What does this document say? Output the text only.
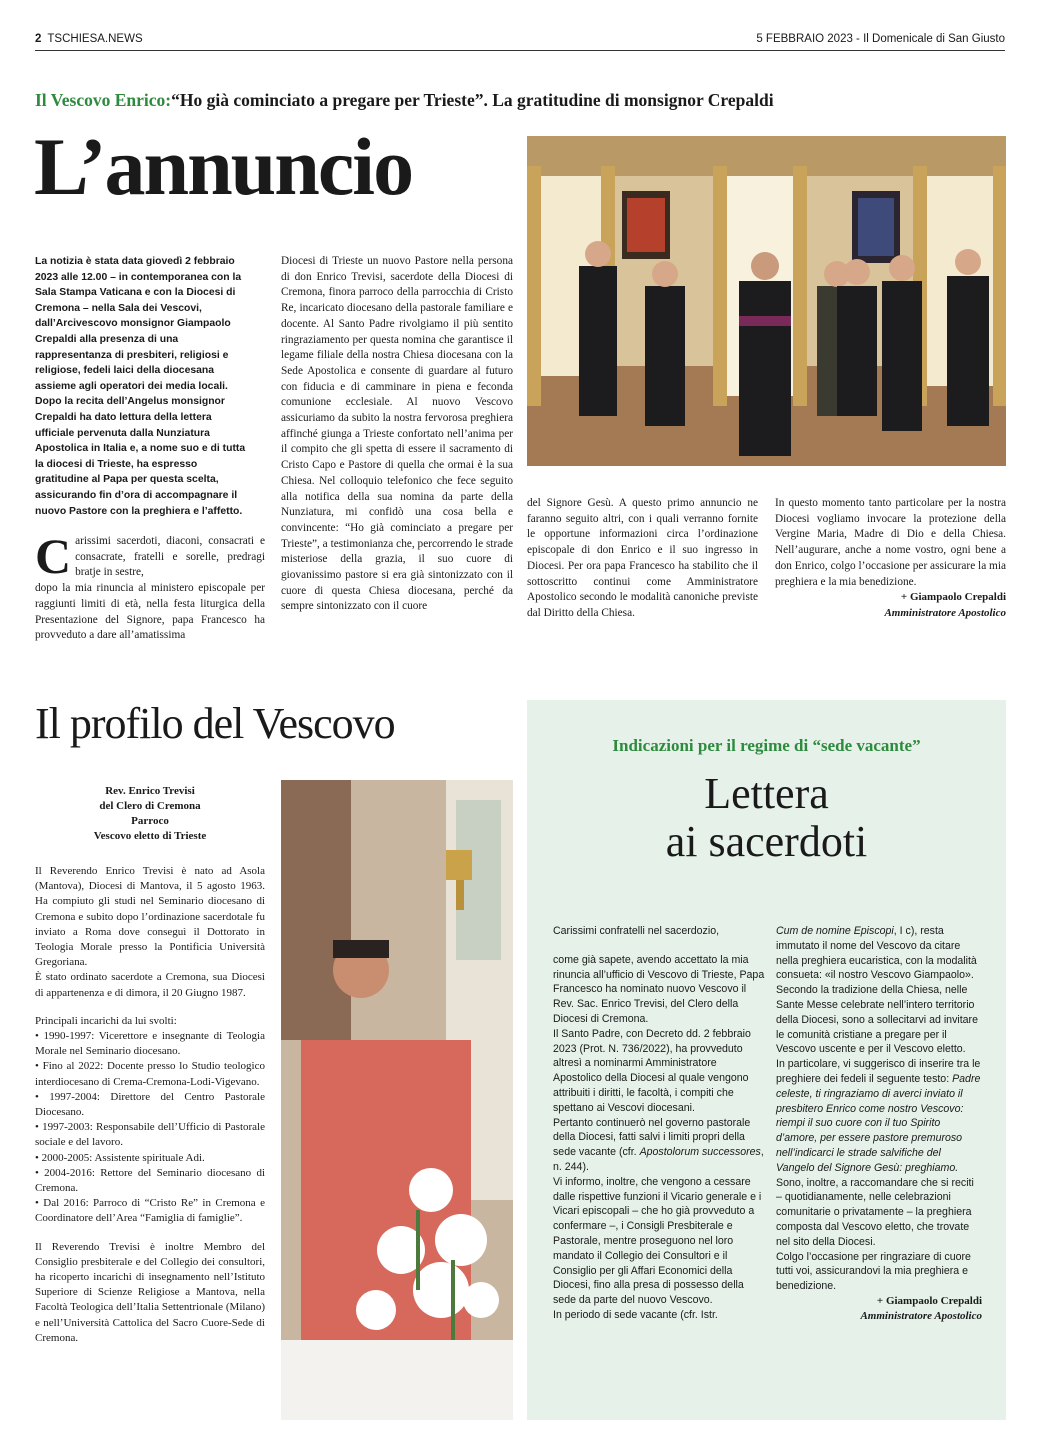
2 TSCHIESA.NEWS	5 FEBBRAIO 2023 - Il Domenicale di San Giusto
Il Vescovo Enrico:“Ho già cominciato a pregare per Trieste”. La gratitudine di monsignor Crepaldi
L’annuncio
La notizia è stata data giovedì 2 febbraio 2023 alle 12.00 – in contemporanea con la Sala Stampa Vaticana e con la Diocesi di Cremona – nella Sala dei Vescovi, dall’Arcivescovo monsignor Giampaolo Crepaldi alla presenza di una rappresentanza di presbiteri, religiosi e religiose, fedeli laici della diocesana assieme agli operatori dei media locali. Dopo la recita dell’Angelus monsignor Crepaldi ha dato lettura della lettera ufficiale pervenuta dalla Nunziatura Apostolica in Italia e, a nome suo e di tutta la diocesi di Trieste, ha espresso gratitudine al Papa per questa scelta, assicurando fin d’ora di accompagnare il nuovo Pastore con la preghiera e l’affetto.

Carissimi sacerdoti, diaconi, consacrati e consacrate, fratelli e sorelle, predragi bratje in sestre,

dopo la mia rinuncia al ministero episcopale per raggiunti limiti di età, nella festa liturgica della Presentazione del Signore, papa Francesco ha provveduto a dare all’amatissima

Diocesi di Trieste un nuovo Pastore nella persona di don Enrico Trevisi, sacerdote della Diocesi di Cremona, finora parroco della parrocchia di Cristo Re, incaricato diocesano della pastorale familiare e docente. Al Santo Padre rivolgiamo il più sentito ringraziamento per questa nomina che garantisce il legame filiale della nostra Chiesa diocesana con la Sede Apostolica e consente di guardare al futuro con fiducia e di camminare in piena e feconda comunione ecclesiale. Al nuovo Vescovo assicuriamo da subito la nostra fervorosa preghiera affinché giunga a Trieste confortato nell’anima per il compito che gli spetta di essere il sacramento di Cristo Capo e Pastore di quella che ormai è la sua Chiesa. Nel colloquio telefonico che fece seguito alla notifica della sua nomina da parte della Nunziatura, mi confidò una cosa bella e convincente: “Ho già cominciato a pregare per Trieste”, a testimonianza che, percorrendo le strade misteriose della grazia, il suo cuore di giovanissimo pastore si era già sintonizzato con il cuore di questa Chiesa diocesana, perché da sempre sintonizzato con il cuore
del Signore Gesù. A questo primo annuncio ne faranno seguito altri, con i quali verranno fornite le opportune informazioni circa l’ordinazione episcopale di don Enrico e il suo ingresso in Diocesi. Per ora papa Francesco ha stabilito che il sottoscritto continui come Amministratore Apostolico secondo le modalità canoniche previste dal Diritto della Chiesa.

In questo momento tanto particolare per la nostra Diocesi vogliamo invocare la protezione della Vergine Maria, Madre di Dio e della Chiesa. Nell’augurare, anche a nome vostro, ogni bene a don Enrico, colgo l’occasione per assicurare la mia preghiera e la mia benedizione.

+ Giampaolo Crepaldi

Amministratore Apostolico

Il profilo del Vescovo
Rev. Enrico Trevisi
del Clero di Cremona
Parroco
Vescovo eletto di Trieste

Il Reverendo Enrico Trevisi è nato ad Asola (Mantova), Diocesi di Mantova, il 5 agosto 1963. Ha compiuto gli studi nel Seminario diocesano di Cremona e subito dopo l’ordinazione sacerdotale fu inviato a Roma dove conseguì il Dottorato in Teologia Morale presso la Pontificia Università Gregoriana.

È stato ordinato sacerdote a Cremona, sua Diocesi di appartenenza e di dimora, il 20 Giugno 1987.

Principali incarichi da lui svolti:

• 1990-1997: Vicerettore e insegnante di Teologia Morale nel Seminario diocesano.

• Fino al 2022: Docente presso lo Studio teologico interdiocesano di Crema-Cremona-Lodi-Vigevano.

• 1997-2004: Direttore del Centro Pastorale Diocesano.

• 1997-2003: Responsabile dell’Ufficio di Pastorale sociale e del lavoro.

• 2000-2005: Assistente spirituale Adi.

• 2004-2016: Rettore del Seminario diocesano di Cremona.

• Dal 2016: Parroco di “Cristo Re” in Cremona e Coordinatore dell’Area “Famiglia di famiglie”.

Il Reverendo Trevisi è inoltre Membro del Consiglio presbiterale e del Collegio dei consultori, ha ricoperto incarichi di insegnamento nell’Istituto Superiore di Scienze Religiose a Mantova, nella Facoltà Teologica dell’Italia Settentrionale (Milano) e nell’Università Cattolica del Sacro Cuore-Sede di Cremona.

Indicazioni per il regime di “sede vacante”
Lettera
ai sacerdoti

Carissimi confratelli nel sacerdozio,

come già sapete, avendo accettato la mia rinuncia all’ufficio di Vescovo di Trieste, Papa Francesco ha nominato nuovo Vescovo il Rev. Sac. Enrico Trevisi, del Clero della Diocesi di Cremona.

Il Santo Padre, con Decreto dd. 2 febbraio 2023 (Prot. N. 736/2022), ha provveduto altresì a nominarmi Amministratore Apostolico della Diocesi al quale vengono attribuiti i diritti, le facoltà, i compiti che spettano ai Vescovi diocesani.

Pertanto continuerò nel governo pastorale della Diocesi, fatti salvi i limiti propri della sede vacante (cfr. Apostolorum successores, n. 244).

Vi informo, inoltre, che vengono a cessare dalle rispettive funzioni il Vicario generale e i Vicari episcopali – che ho già provveduto a confermare –, i Consigli Presbiterale e Pastorale, mentre proseguono nel loro mandato il Collegio dei Consultori e il Consiglio per gli Affari Economici della Diocesi, fino alla presa di possesso della sede da parte del nuovo Vescovo.

In periodo di sede vacante (cfr. Istr.

Cum de nomine Episcopi, I c), resta immutato il nome del Vescovo da citare nella preghiera eucaristica, con la modalità consueta: «il nostro Vescovo Giampaolo».

Secondo la tradizione della Chiesa, nelle Sante Messe celebrate nell’intero territorio della Diocesi, sono a sollecitarvi ad invitare le comunità cristiane a pregare per il Vescovo uscente e per il Vescovo eletto.

In particolare, vi suggerisco di inserire tra le preghiere dei fedeli il seguente testo: Padre celeste, ti ringraziamo di averci inviato il presbitero Enrico come nostro Vescovo: riempi il suo cuore con il tuo Spirito d’amore, per essere pastore premuroso nell’indicarci le strade salvifiche del Vangelo del Signore Gesù: preghiamo.

Sono, inoltre, a raccomandare che si reciti – quotidianamente, nelle celebrazioni comunitarie o privatamente – la preghiera composta dal Vescovo eletto, che trovate nel sito della Diocesi.

Colgo l’occasione per ringraziare di cuore tutti voi, assicurandovi la mia preghiera e benedizione.

+ Giampaolo Crepaldi

Amministratore Apostolico
